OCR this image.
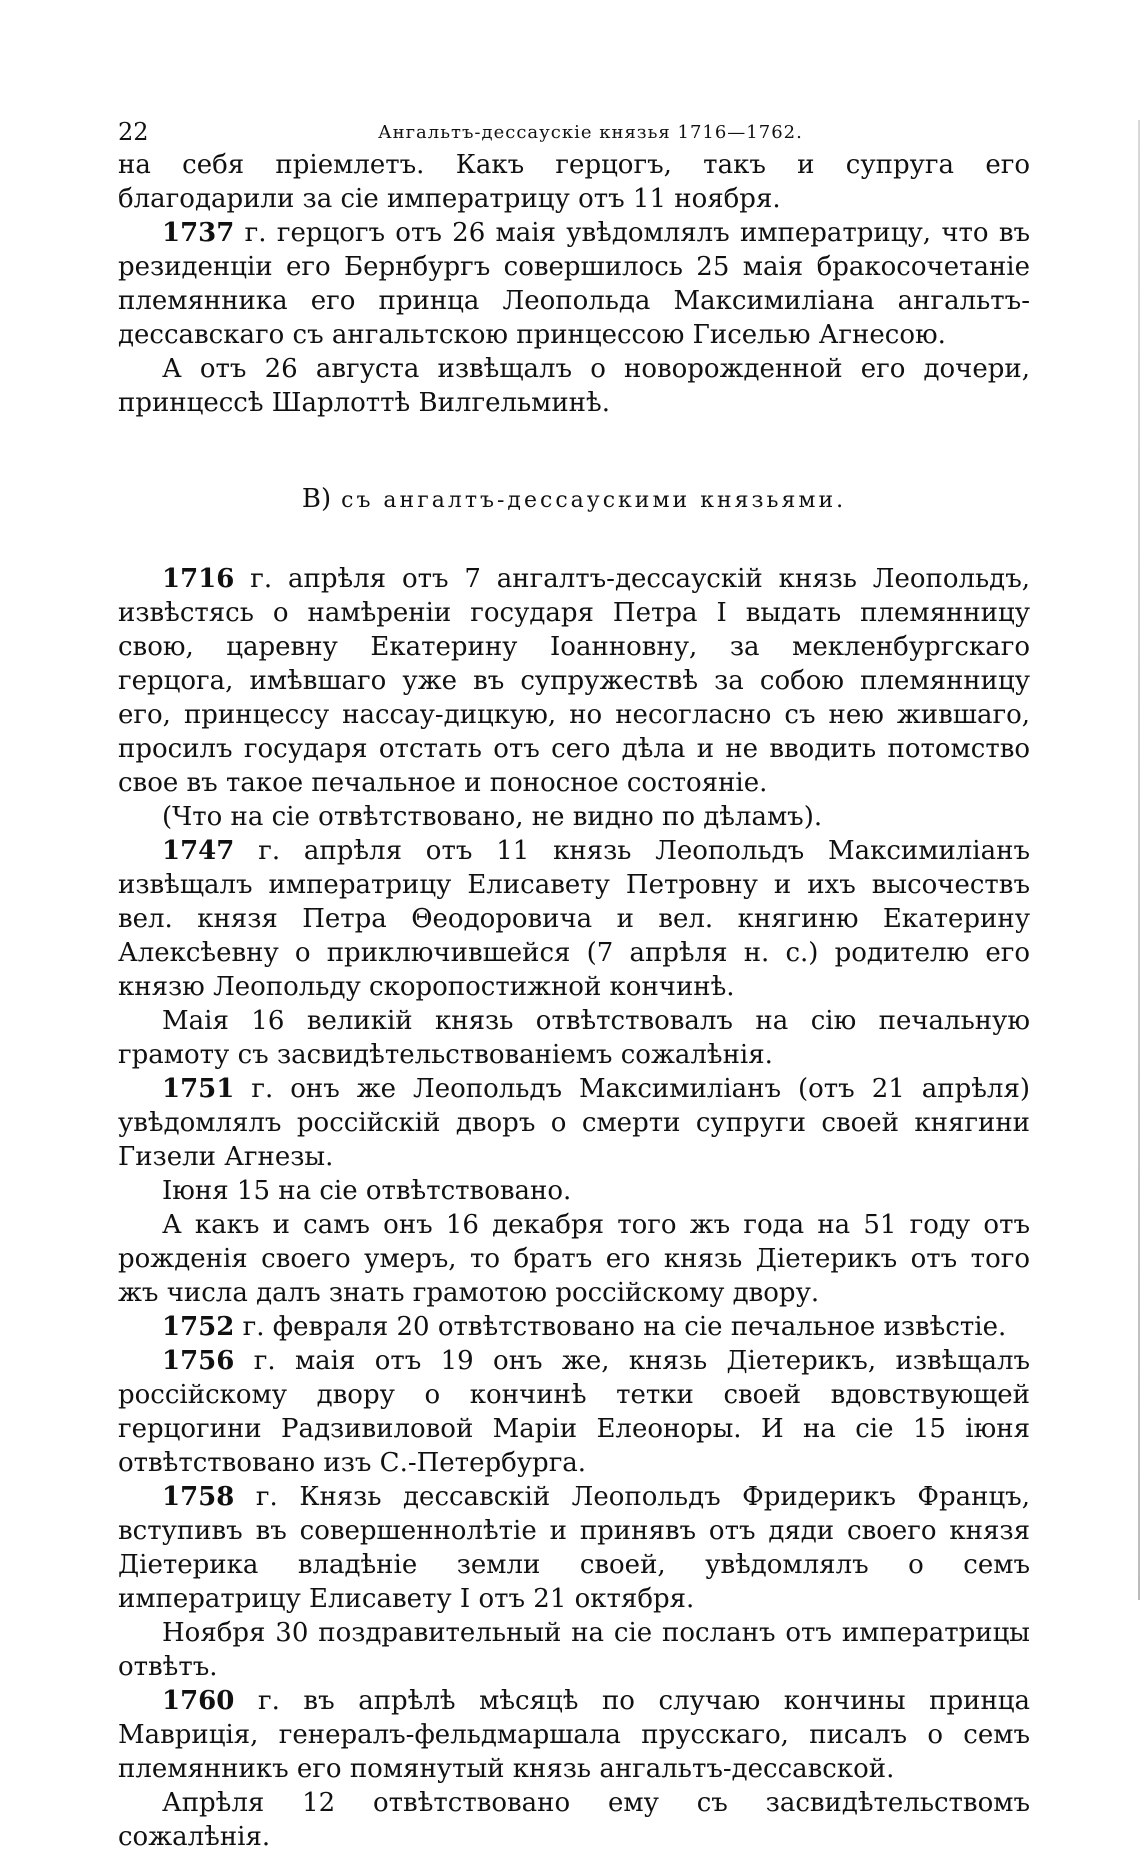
22	Ангальтъ-дессаускіе князья 1716—1762.

на себя пріемлетъ. Какъ герцогъ, такъ и супруга его благодарили за сіе императрицу отъ 11 ноября.

1737 г. герцогъ отъ 26 маія увѣдомлялъ императрицу, что въ резиденціи его Бернбургъ совершилось 25 маія бракосочетаніе племянника его принца Леопольда Максимиліана ангальтъ-дессавскаго съ ангальтскою принцессою Гиселью Агнесою.

А отъ 26 августа извѣщалъ о новорожденной его дочери, принцессѣ Шарлоттѣ Вилгельминѣ.

В) съ ангалтъ-дессаускими князьями.

1716 г. апрѣля отъ 7 ангалтъ-дессаускій князь Леопольдъ, извѣстясь о намѣреніи государя Петра I выдать племянницу свою, царевну Екатерину Іоанновну, за мекленбургскаго герцога, имѣвшаго уже въ супружествѣ за собою племянницу его, принцессу нассау-дицкую, но несогласно съ нею жившаго, просилъ государя отстать отъ сего дѣла и не вводить потомство свое въ такое печальное и поносное состояніе.

(Что на сіе отвѣтствовано, не видно по дѣламъ).

1747 г. апрѣля отъ 11 князь Леопольдъ Максимиліанъ извѣщалъ императрицу Елисавету Петровну и ихъ высочествъ вел. князя Петра Θеодоровича и вел. княгиню Екатерину Алексѣевну о приключившейся (7 апрѣля н. с.) родителю его князю Леопольду скоропостижной кончинѣ.

Маія 16 великій князь отвѣтствовалъ на сію печальную грамоту съ засвидѣтельствованіемъ сожалѣнія.

1751 г. онъ же Леопольдъ Максимиліанъ (отъ 21 апрѣля) увѣдомлялъ россійскій дворъ о смерти супруги своей княгини Гизели Агнезы.

Іюня 15 на сіе отвѣтствовано.

А какъ и самъ онъ 16 декабря того жъ года на 51 году отъ рожденія своего умеръ, то братъ его князь Діетерикъ отъ того жъ числа далъ знать грамотою россійскому двору.

1752 г. февраля 20 отвѣтствовано на сіе печальное извѣстіе.

1756 г. маія отъ 19 онъ же, князь Діетерикъ, извѣщалъ россійскому двору о кончинѣ тетки своей вдовствующей герцогини Радзивиловой Маріи Елеоноры. И на сіе 15 іюня отвѣтствовано изъ С.-Петербурга.

1758 г. Князь дессавскій Леопольдъ Фридерикъ Францъ, вступивъ въ совершеннолѣтіе и принявъ отъ дяди своего князя Діетерика владѣніе земли своей, увѣдомлялъ о семъ императрицу Елисавету I отъ 21 октября.

Ноября 30 поздравительный на сіе посланъ отъ императрицы отвѣтъ.

1760 г. въ апрѣлѣ мѣсяцѣ по случаю кончины принца Мавриція, генералъ-фельдмаршала прусскаго, писалъ о семъ племянникъ его помянутый князь ангальтъ-дессавской.

Апрѣля 12 отвѣтствовано ему съ засвидѣтельствомъ сожалѣнія.
